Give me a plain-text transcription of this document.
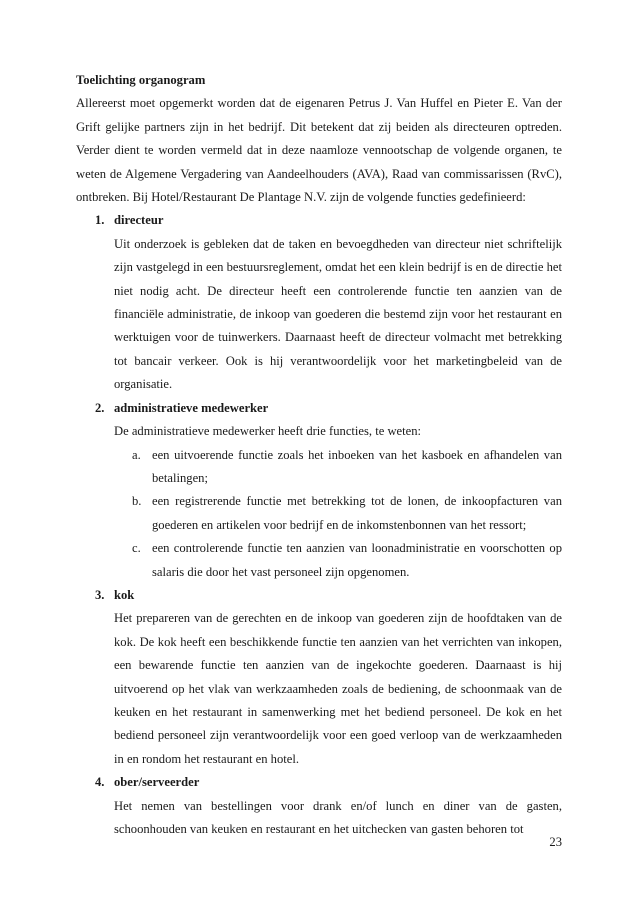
Toelichting organogram

Allereerst moet opgemerkt worden dat de eigenaren Petrus J. Van Huffel en Pieter E. Van der Grift gelijke partners zijn in het bedrijf. Dit betekent dat zij beiden als directeuren optreden. Verder dient te worden vermeld dat in deze naamloze vennootschap de volgende organen, te weten de Algemene Vergadering van Aandeelhouders (AVA), Raad van commissarissen (RvC), ontbreken. Bij Hotel/Restaurant De Plantage N.V. zijn de volgende functies gedefinieerd:

1. directeur

Uit onderzoek is gebleken dat de taken en bevoegdheden van directeur niet schriftelijk zijn vastgelegd in een bestuursreglement, omdat het een klein bedrijf is en de directie het niet nodig acht. De directeur heeft een controlerende functie ten aanzien van de financiële administratie, de inkoop van goederen die bestemd zijn voor het restaurant en werktuigen voor de tuinwerkers. Daarnaast heeft de directeur volmacht met betrekking tot bancair verkeer. Ook is hij verantwoordelijk voor het marketingbeleid van de organisatie.

2. administratieve medewerker

De administratieve medewerker heeft drie functies, te weten:

a. een uitvoerende functie zoals het inboeken van het kasboek en afhandelen van betalingen;

b. een registrerende functie met betrekking tot de lonen, de inkoopfacturen van goederen en artikelen voor bedrijf en de inkomstenbonnen van het ressort;

c. een controlerende functie ten aanzien van loonadministratie en voorschotten op salaris die door het vast personeel zijn opgenomen.

3. kok

Het prepareren van de gerechten en de inkoop van goederen zijn de hoofdtaken van de kok. De kok heeft een beschikkende functie ten aanzien van het verrichten van inkopen, een bewarende functie ten aanzien van de ingekochte goederen. Daarnaast is hij uitvoerend op het vlak van werkzaamheden zoals de bediening, de schoonmaak van de keuken en het restaurant in samenwerking met het bediend personeel. De kok en het bediend personeel zijn verantwoordelijk voor een goed verloop van de werkzaamheden in en rondom het restaurant en hotel.

4. ober/serveerder

Het nemen van bestellingen voor drank en/of lunch en diner van de gasten, schoonhouden van keuken en restaurant en het uitchecken van gasten behoren tot

23
